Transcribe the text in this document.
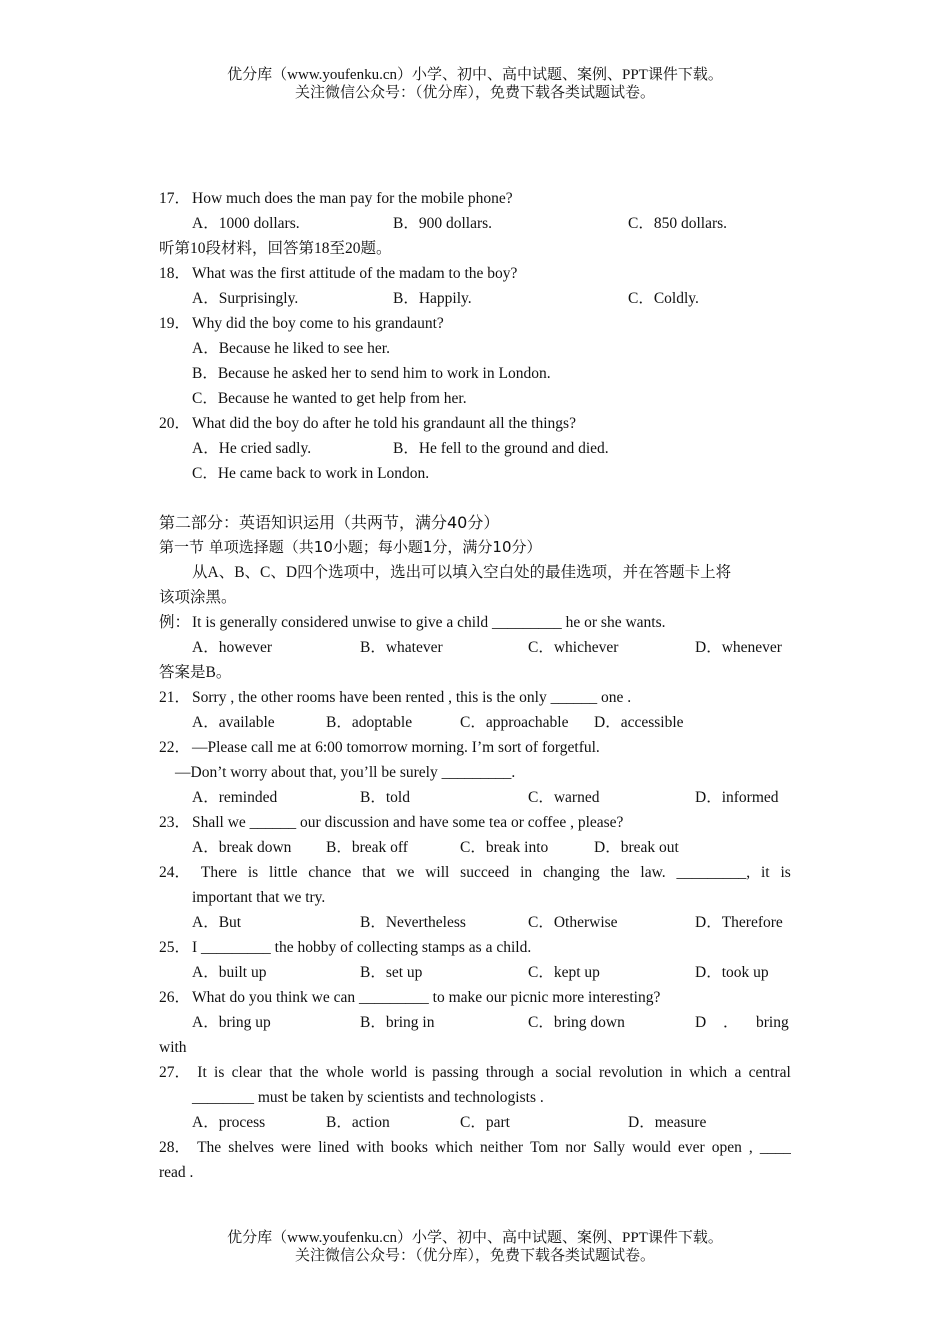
优分库（www.youfenku.cn）小学、初中、高中试题、案例、PPT课件下载。
关注微信公众号：（优分库），免费下载各类试题试卷。
17． How much does the man pay for the mobile phone?
A．1000 dollars.	B．900 dollars.	C．850 dollars.
听第10段材料，回答第18至20题。
18． What was the first attitude of the madam to the boy?
A．Surprisingly.	B．Happily.	C．Coldly.
19． Why did the boy come to his grandaunt?
A．Because he liked to see her.
B．Because he asked her to send him to work in London.
C．Because he wanted to get help from her.
20． What did the boy do after he told his grandaunt all the things?
A．He cried sadly.	B．He fell to the ground and died.
C．He came back to work in London.
第二部分：英语知识运用（共两节，满分40分）
第一节 单项选择题（共10小题；每小题1分，满分10分）
从A、B、C、D四个选项中，选出可以填入空白处的最佳选项，并在答题卡上将
该项涂黑。
例： It is generally considered unwise to give a child _________ he or she wants.
A．however	B．whatever	C．whichever	D．whenever
答案是B。
21． Sorry , the other rooms have been rented , this is the only ______ one .
A．available	B．adoptable	C．approachable D．accessible
22． —Please call me at 6:00 tomorrow morning. I’m sort of forgetful.
—Don’t worry about that, you’ll be surely _________.
A．reminded	B．told	C．warned	D．informed
23． Shall we ______ our discussion and have some tea or coffee , please?
A．break down B．break off	C．break into	D．break out
24． There is little chance that we will succeed in changing the law. _________, it is
important that we try.
A．But	B．Nevertheless	C．Otherwise	D．Therefore
25． I _________ the hobby of collecting stamps as a child.
A．built up	B．set up	C．kept up	D．took up
26． What do you think we can _________ to make our picnic more interesting?
A．bring up	B．bring in	C．bring down	D ． bring
with
27． It is clear that the whole world is passing through a social revolution in which a central
________ must be taken by scientists and technologists .
A．process	B．action	C．part	D．measure
28． The shelves were lined with books which neither Tom nor Sally would ever open , ____
read .
优分库（www.youfenku.cn）小学、初中、高中试题、案例、PPT课件下载。
关注微信公众号：（优分库），免费下载各类试题试卷。
